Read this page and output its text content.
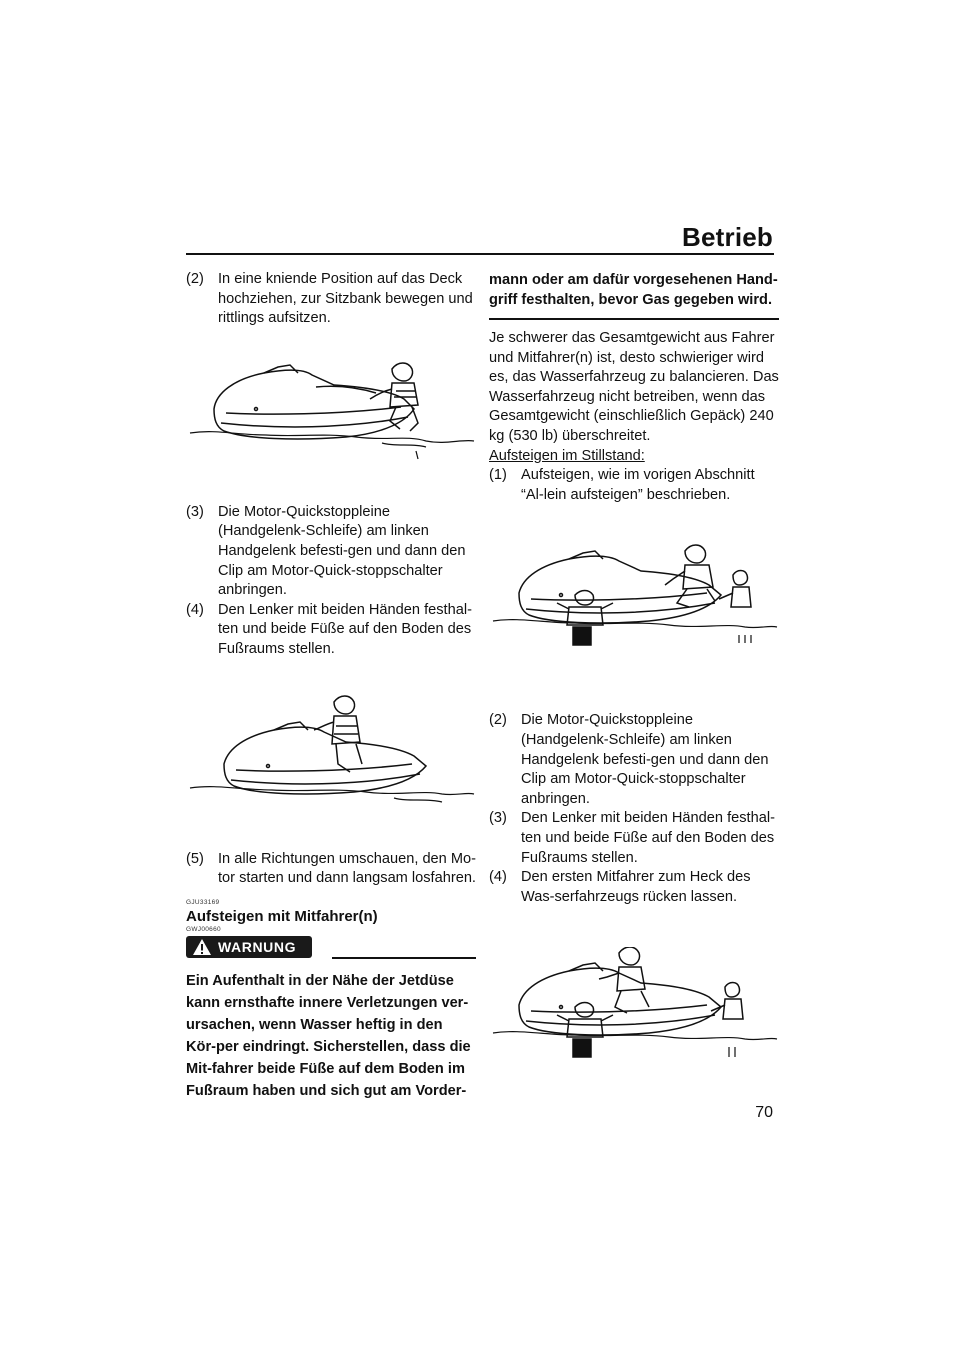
Betrieb
(2) In eine kniende Position auf das Deck hochziehen, zur Sitzbank bewegen und rittlings aufsitzen.

(3) Die Motor-Quickstoppleine (Handgelenk-Schleife) am linken Handgelenk befesti-gen und dann den Clip am Motor-Quick-stoppschalter anbringen.

(4) Den Lenker mit beiden Händen festhal-ten und beide Füße auf den Boden des Fußraums stellen.

(5) In alle Richtungen umschauen, den Mo-tor starten und dann langsam losfahren.

GJU33169
Aufsteigen mit Mitfahrer(n)
GWJ00660
WARNUNG

Ein Aufenthalt in der Nähe der Jetdüse kann ernsthafte innere Verletzungen ver-ursachen, wenn Wasser heftig in den Kör-per eindringt. Sicherstellen, dass die Mit-fahrer beide Füße auf dem Boden im Fußraum haben und sich gut am Vorder-

mann oder am dafür vorgesehenen Hand-griff festhalten, bevor Gas gegeben wird.

Je schwerer das Gesamtgewicht aus Fahrer und Mitfahrer(n) ist, desto schwieriger wird es, das Wasserfahrzeug zu balancieren. Das Wasserfahrzeug nicht betreiben, wenn das Gesamtgewicht (einschließlich Gepäck) 240 kg (530 lb) überschreitet.

Aufsteigen im Stillstand:

(1) Aufsteigen, wie im vorigen Abschnitt “Al-lein aufsteigen” beschrieben.

(2) Die Motor-Quickstoppleine (Handgelenk-Schleife) am linken Handgelenk befesti-gen und dann den Clip am Motor-Quick-stoppschalter anbringen.

(3) Den Lenker mit beiden Händen festhal-ten und beide Füße auf den Boden des Fußraums stellen.

(4) Den ersten Mitfahrer zum Heck des Was-serfahrzeugs rücken lassen.

70
